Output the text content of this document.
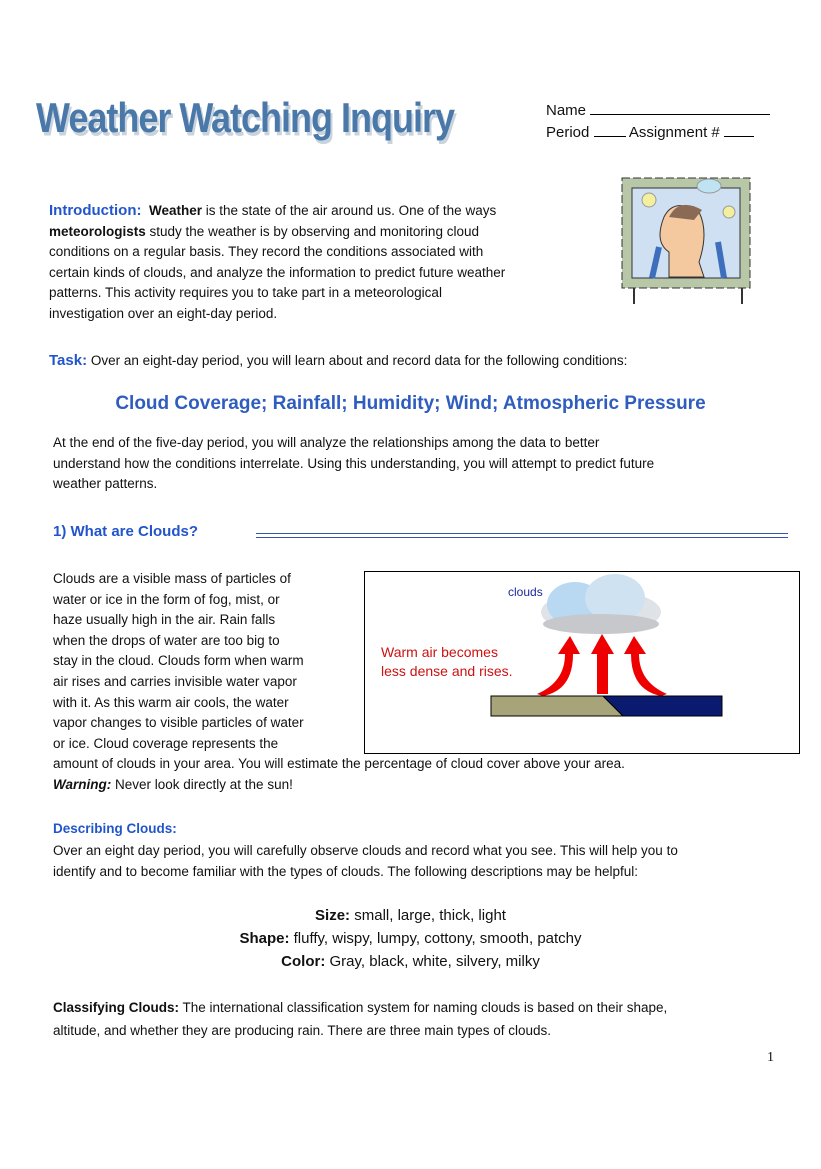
Weather Watching Inquiry	Name
Period	Assignment #
Introduction: Weather is the state of the air around us. One of the ways
meteorologists study the weather is by observing and monitoring cloud
conditions on a regular basis. They record the conditions associated with
certain kinds of clouds, and analyze the information to predict future weather
patterns. This activity requires you to take part in a meteorological
investigation over an eight-day period.
Task: Over an eight-day period, you will learn about and record data for the following conditions:
Cloud Coverage; Rainfall; Humidity; Wind; Atmospheric Pressure
At the end of the five-day period, you will analyze the relationships among the data to better
understand how the conditions interrelate. Using this understanding, you will attempt to predict future
weather patterns.
1) What are Clouds?
Clouds are a visible mass of particles of
water or ice in the form of fog, mist, or
haze usually high in the air. Rain falls
when the drops of water are too big to
stay in the cloud. Clouds form when warm
air rises and carries invisible water vapor
with it. As this warm air cools, the water
vapor changes to visible particles of water
or ice. Cloud coverage represents the
amount of clouds in your area. You will estimate the percentage of cloud cover above your area.
Warning: Never look directly at the sun!
clouds
Warm air becomes
less dense and rises.
Describing Clouds:
Over an eight day period, you will carefully observe clouds and record what you see. This will help you to
identify and to become familiar with the types of clouds. The following descriptions may be helpful:
Size: small, large, thick, light
Shape: fluffy, wispy, lumpy, cottony, smooth, patchy
Color: Gray, black, white, silvery, milky
Classifying Clouds: The international classification system for naming clouds is based on their shape,
altitude, and whether they are producing rain. There are three main types of clouds.
1
